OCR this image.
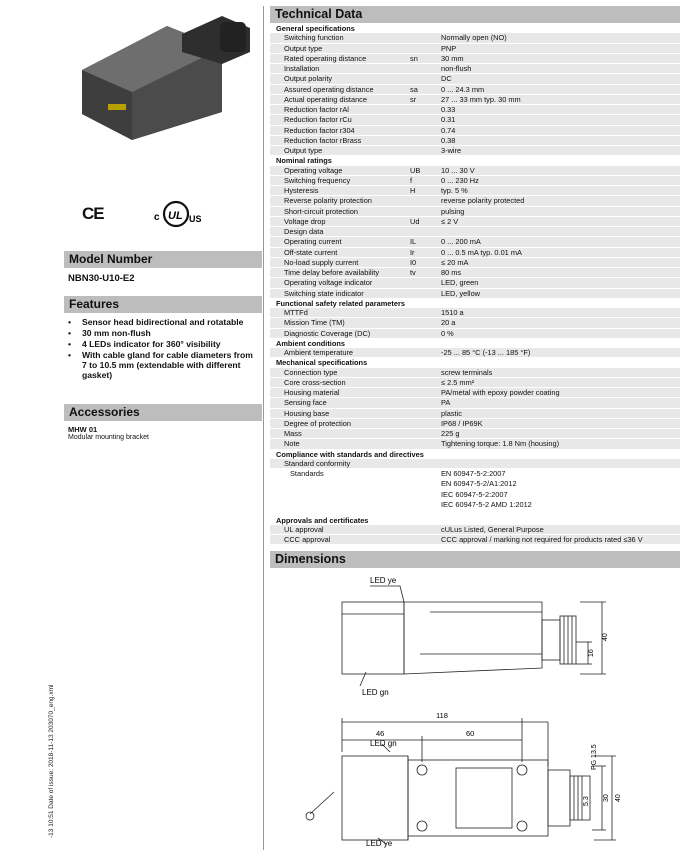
CE	c UL US
Model Number
NBN30-U10-E2
Features
• Sensor head bidirectional and rotatable
• 30 mm non-flush
• 4 LEDs indicator for 360° visibility
• With cable gland for cable diameters from 7 to 10.5 mm (extendable with different gasket)
Accessories
MHW 01
Modular mounting bracket
-13 10:51 Date of issue: 2018-11-13 203070_eng.xml
Technical Data
General specifications		
Switching function		Normally open (NO)
Output type		PNP
Rated operating distance	sn	30 mm
Installation		non-flush
Output polarity		DC
Assured operating distance	sa	0 ... 24.3 mm
Actual operating distance	sr	27 ... 33 mm typ. 30 mm
Reduction factor rAl		0.33
Reduction factor rCu		0.31
Reduction factor r304		0.74
Reduction factor rBrass		0.38
Output type		3-wire
Nominal ratings		
Operating voltage	UB	10 ... 30 V
Switching frequency	f	0 ... 230 Hz
Hysteresis	H	typ. 5 %
Reverse polarity protection		reverse polarity protected
Short-circuit protection		pulsing
Voltage drop	Ud	≤ 2 V
Design data		
Operating current	IL	0 ... 200 mA
Off-state current	Ir	0 ... 0.5 mA typ. 0.01 mA
No-load supply current	I0	≤ 20 mA
Time delay before availability	tv	80 ms
Operating voltage indicator		LED, green
Switching state indicator		LED, yellow
Functional safety related parameters		
MTTFd		1510 a
Mission Time (TM)		20 a
Diagnostic Coverage (DC)		0 %
Ambient conditions		
Ambient temperature		-25 ... 85 °C (-13 ... 185 °F)
Mechanical specifications		
Connection type		screw terminals
Core cross-section		≤ 2.5 mm²
Housing material		PA/metal with epoxy powder coating
Sensing face		PA
Housing base		plastic
Degree of protection		IP68 / IP69K
Mass		225 g
Note		Tightening torque: 1.8 Nm (housing)
Compliance with standards and directives		
Standard conformity		
Standards		EN 60947-5-2:2007
		EN 60947-5-2/A1:2012
		IEC 60947-5-2:2007
		IEC 60947-5-2 AMD 1:2012

Approvals and certificates		
UL approval		cULus Listed, General Purpose
CCC approval		CCC approval / marking not required for products rated ≤36 V
Dimensions
LED ye
LED gn
40
16
118
46	60
LED gn
PG 13.5
5.3 30 40
LED ye
